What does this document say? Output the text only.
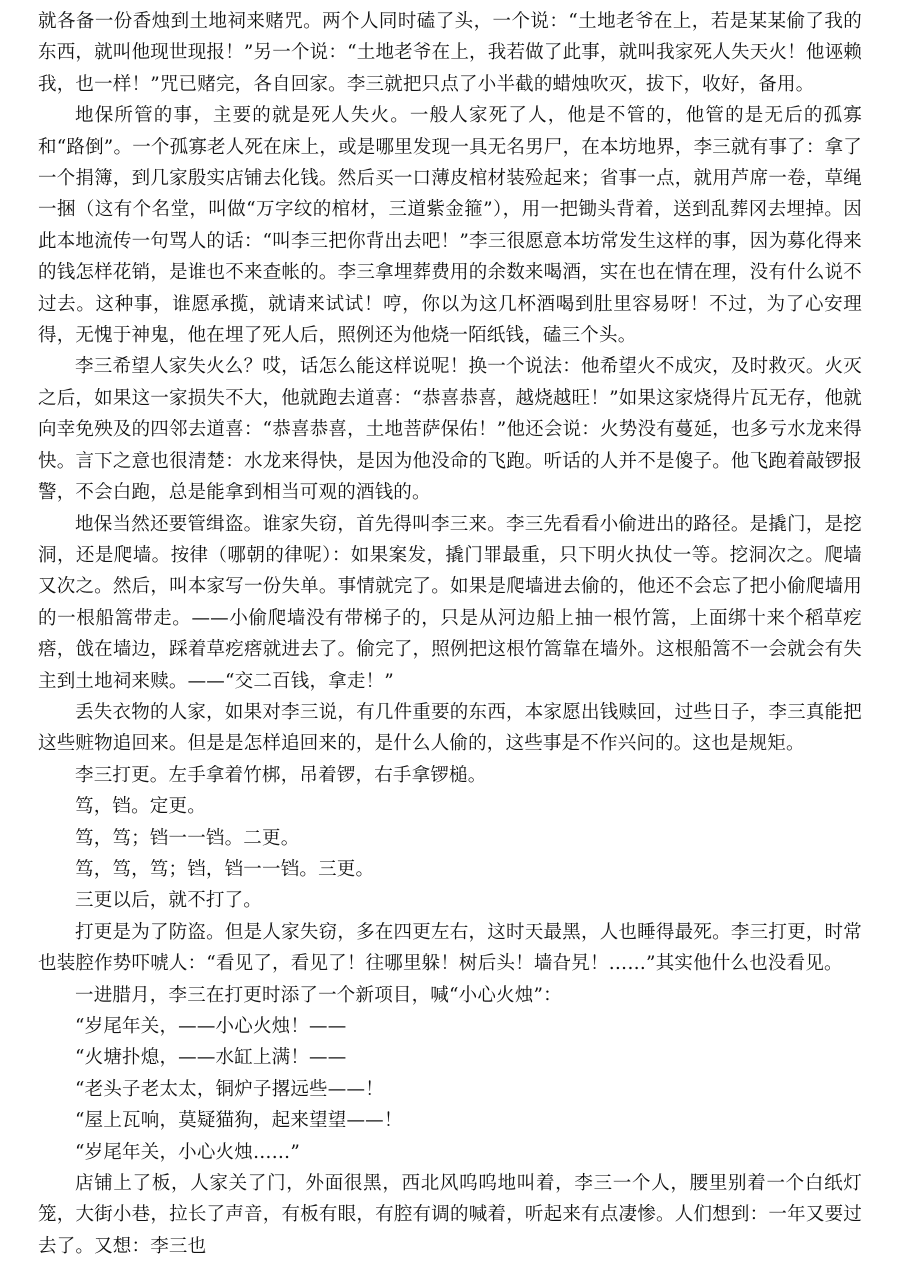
就各备一份香烛到土地祠来赌咒。两个人同时磕了头，一个说：“土地老爷在上，若是某某偷了我的东西，就叫他现世现报！”另一个说：“土地老爷在上，我若做了此事，就叫我家死人失天火！他诬赖我，也一样！”咒已赌完，各自回家。李三就把只点了小半截的蜡烛吹灭，拔下，收好，备用。

地保所管的事，主要的就是死人失火。一般人家死了人，他是不管的，他管的是无后的孤寡和“路倒”。一个孤寡老人死在床上，或是哪里发现一具无名男尸，在本坊地界，李三就有事了：拿了一个捐簿，到几家殷实店铺去化钱。然后买一口薄皮棺材装殓起来；省事一点，就用芦席一卷，草绳一捆（这有个名堂，叫做“万字纹的棺材，三道紫金箍”），用一把锄头背着，送到乱葬冈去埋掉。因此本地流传一句骂人的话：“叫李三把你背出去吧！”李三很愿意本坊常发生这样的事，因为募化得来的钱怎样花销，是谁也不来查帐的。李三拿埋葬费用的余数来喝酒，实在也在情在理，没有什么说不过去。这种事，谁愿承揽，就请来试试！哼，你以为这几杯酒喝到肚里容易呀！不过，为了心安理得，无愧于神鬼，他在埋了死人后，照例还为他烧一陌纸钱，磕三个头。

李三希望人家失火么？哎，话怎么能这样说呢！换一个说法：他希望火不成灾，及时救灭。火灭之后，如果这一家损失不大，他就跑去道喜：“恭喜恭喜，越烧越旺！”如果这家烧得片瓦无存，他就向幸免殃及的四邻去道喜：“恭喜恭喜，土地菩萨保佑！”他还会说：火势没有蔓延，也多亏水龙来得快。言下之意也很清楚：水龙来得快，是因为他没命的飞跑。听话的人并不是傻子。他飞跑着敲锣报警，不会白跑，总是能拿到相当可观的酒钱的。

地保当然还要管缉盗。谁家失窃，首先得叫李三来。李三先看看小偷进出的路径。是撬门，是挖洞，还是爬墙。按律（哪朝的律呢）：如果案发，撬门罪最重，只下明火执仗一等。挖洞次之。爬墙又次之。然后，叫本家写一份失单。事情就完了。如果是爬墙进去偷的，他还不会忘了把小偷爬墙用的一根船篙带走。——小偷爬墙没有带梯子的，只是从河边船上抽一根竹篙，上面绑十来个稻草疙瘩，戗在墙边，踩着草疙瘩就进去了。偷完了，照例把这根竹篙靠在墙外。这根船篙不一会就会有失主到土地祠来赎。——“交二百钱，拿走！”

丢失衣物的人家，如果对李三说，有几件重要的东西，本家愿出钱赎回，过些日子，李三真能把这些赃物追回来。但是是怎样追回来的，是什么人偷的，这些事是不作兴问的。这也是规矩。

李三打更。左手拿着竹梆，吊着锣，右手拿锣槌。

笃，铛。定更。

笃，笃；铛一一铛。二更。

笃，笃，笃；铛，铛一一铛。三更。

三更以后，就不打了。

打更是为了防盗。但是人家失窃，多在四更左右，这时天最黑，人也睡得最死。李三打更，时常也装腔作势吓唬人：“看见了，看见了！往哪里躲！树后头！墙旮旯！……”其实他什么也没看见。

一进腊月，李三在打更时添了一个新项目，喊“小心火烛”：

“岁尾年关，——小心火烛！——

“火塘扑熄，——水缸上满！——

“老头子老太太，铜炉子撂远些——！

“屋上瓦响，莫疑猫狗，起来望望——！

“岁尾年关，小心火烛……”

店铺上了板，人家关了门，外面很黑，西北风呜呜地叫着，李三一个人，腰里别着一个白纸灯笼，大街小巷，拉长了声音，有板有眼，有腔有调的喊着，听起来有点凄惨。人们想到：一年又要过去了。又想：李三也
